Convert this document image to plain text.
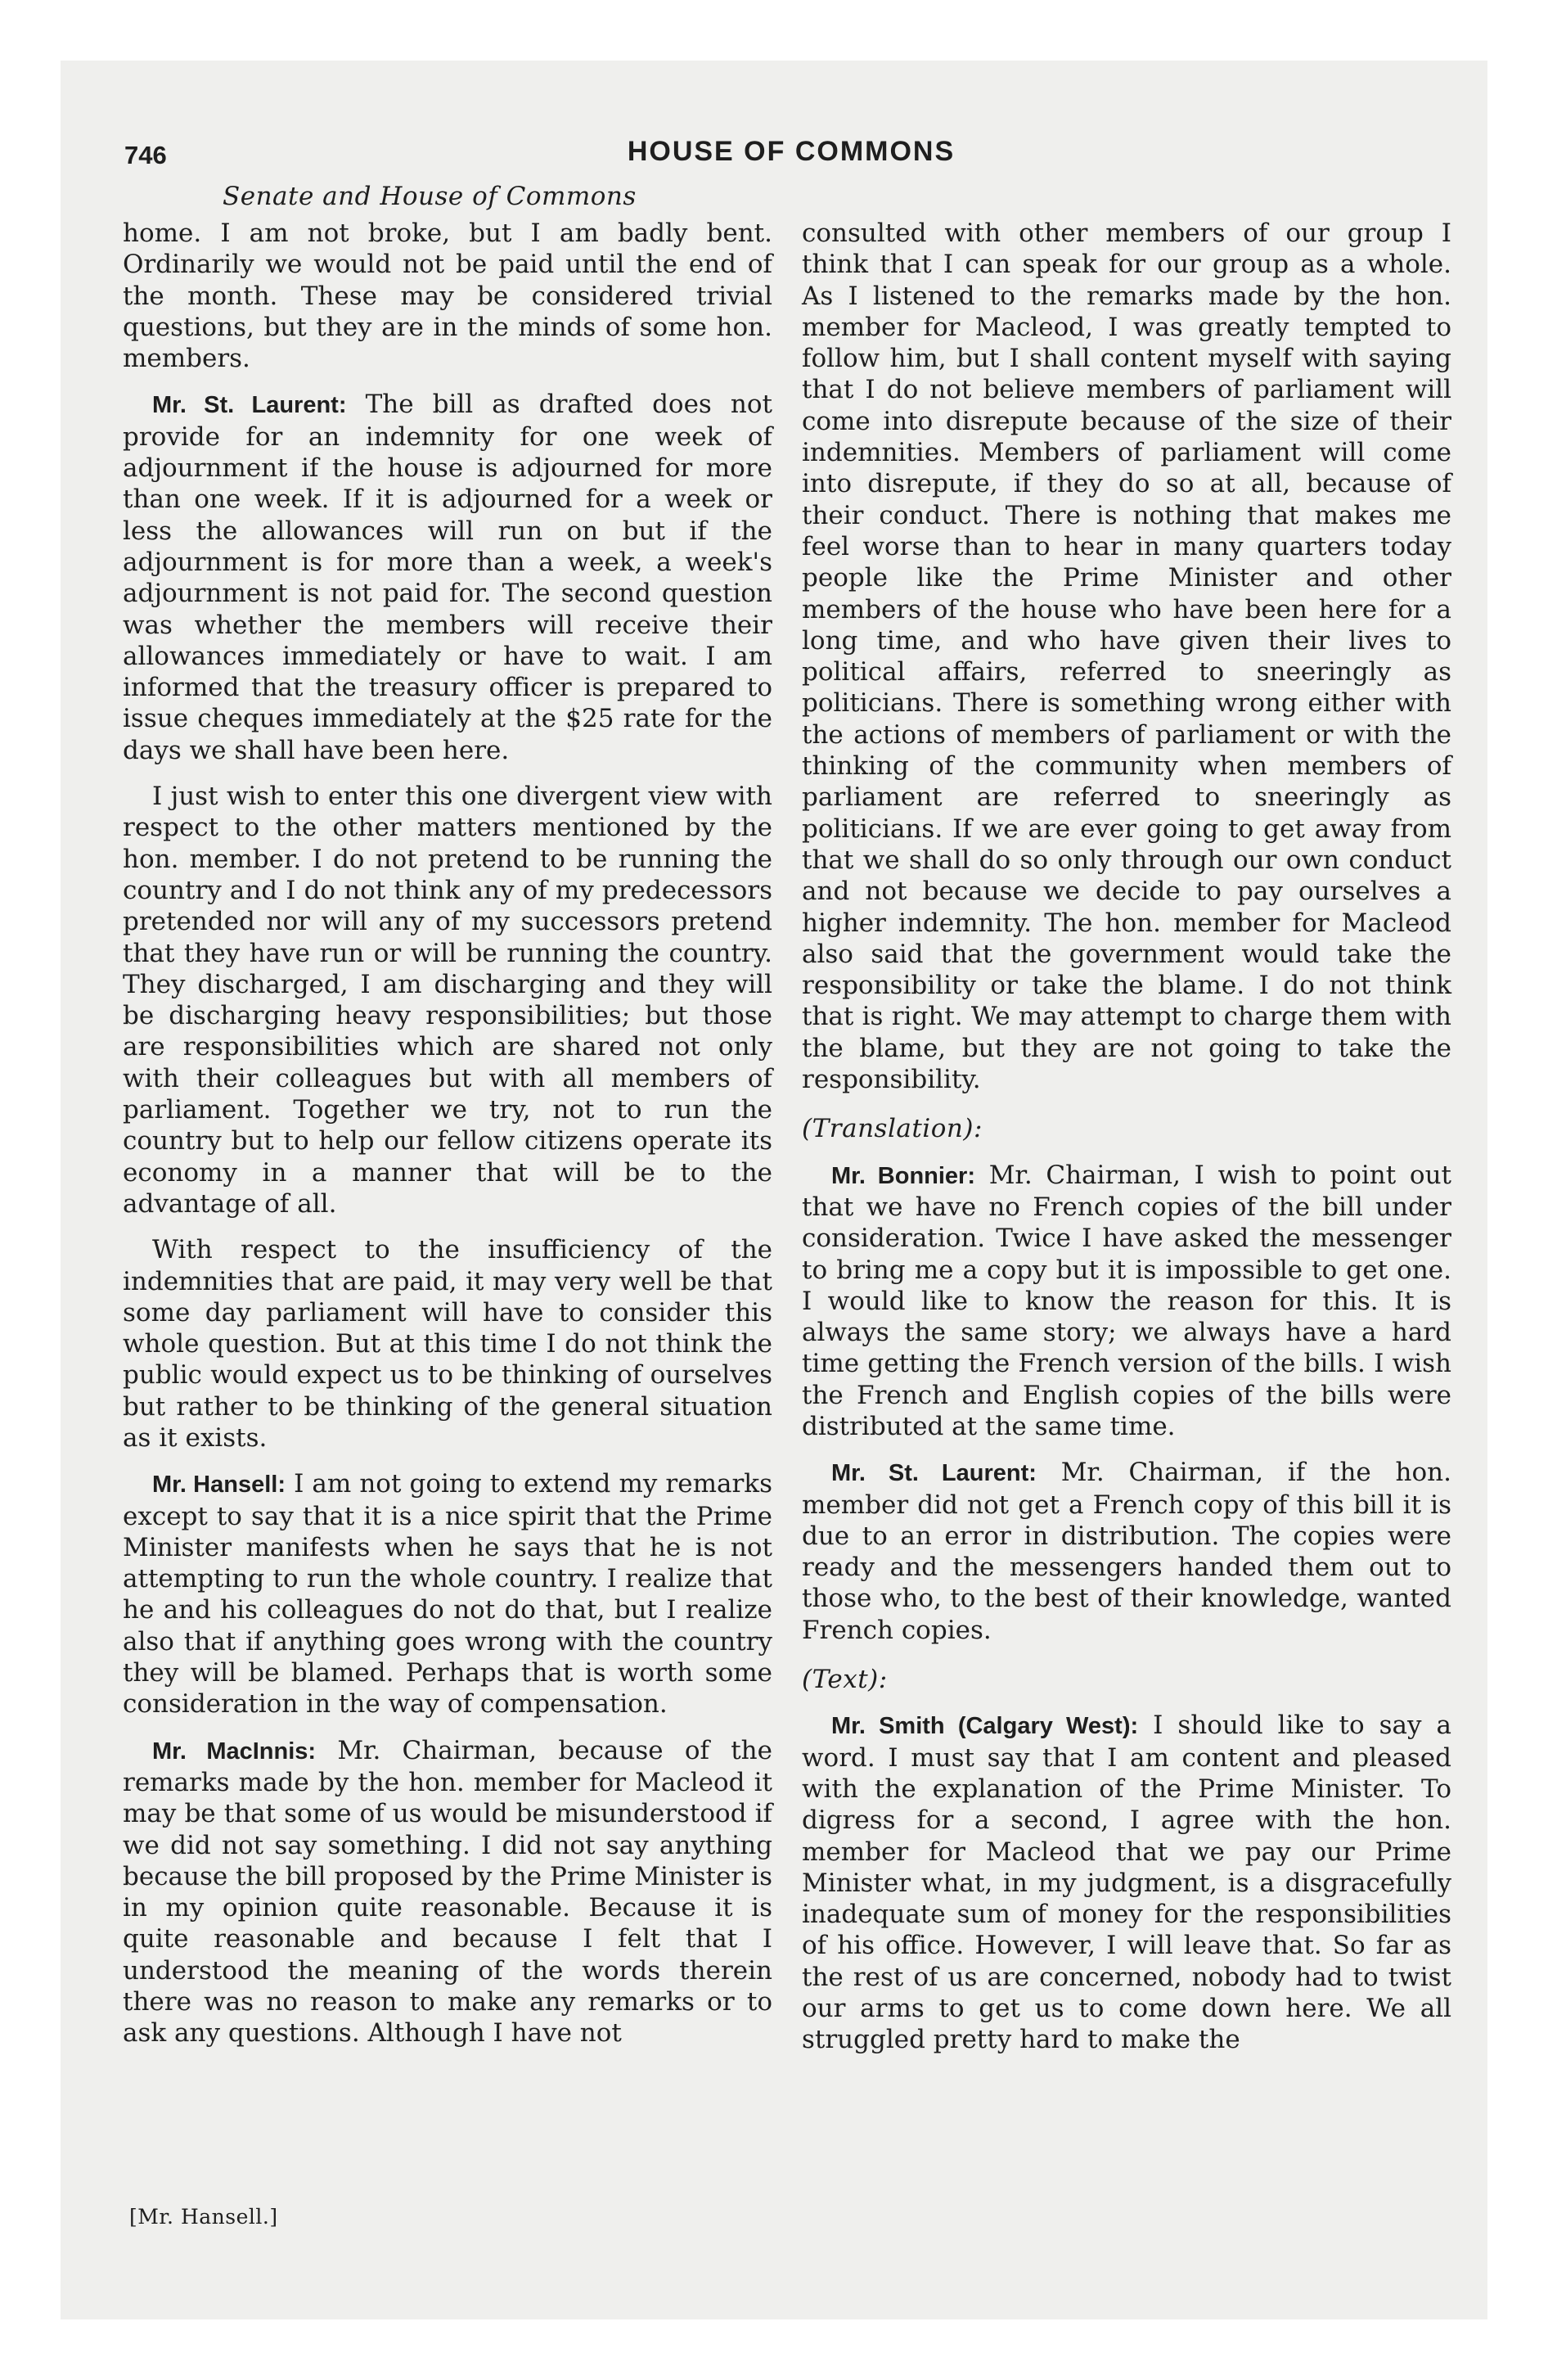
746	HOUSE OF COMMONS
Senate and House of Commons

home. I am not broke, but I am badly bent. Ordinarily we would not be paid until the end of the month. These may be considered trivial questions, but they are in the minds of some hon. members.

Mr. St. Laurent: The bill as drafted does not provide for an indemnity for one week of adjournment if the house is adjourned for more than one week. If it is adjourned for a week or less the allowances will run on but if the adjournment is for more than a week, a week's adjournment is not paid for. The second question was whether the members will receive their allowances immediately or have to wait. I am informed that the treasury officer is prepared to issue cheques immediately at the $25 rate for the days we shall have been here.

I just wish to enter this one divergent view with respect to the other matters mentioned by the hon. member. I do not pretend to be running the country and I do not think any of my predecessors pretended nor will any of my successors pretend that they have run or will be running the country. They discharged, I am discharging and they will be discharging heavy responsibilities; but those are responsibilities which are shared not only with their colleagues but with all members of parliament. Together we try, not to run the country but to help our fellow citizens operate its economy in a manner that will be to the advantage of all.

With respect to the insufficiency of the indemnities that are paid, it may very well be that some day parliament will have to consider this whole question. But at this time I do not think the public would expect us to be thinking of ourselves but rather to be thinking of the general situation as it exists.

Mr. Hansell: I am not going to extend my remarks except to say that it is a nice spirit that the Prime Minister manifests when he says that he is not attempting to run the whole country. I realize that he and his colleagues do not do that, but I realize also that if anything goes wrong with the country they will be blamed. Perhaps that is worth some consideration in the way of compensation.

Mr. MacInnis: Mr. Chairman, because of the remarks made by the hon. member for Macleod it may be that some of us would be misunderstood if we did not say something. I did not say anything because the bill proposed by the Prime Minister is in my opinion quite reasonable. Because it is quite reasonable and because I felt that I understood the meaning of the words therein there was no reason to make any remarks or to ask any questions. Although I have not

consulted with other members of our group I think that I can speak for our group as a whole. As I listened to the remarks made by the hon. member for Macleod, I was greatly tempted to follow him, but I shall content myself with saying that I do not believe members of parliament will come into disrepute because of the size of their indemnities. Members of parliament will come into disrepute, if they do so at all, because of their conduct. There is nothing that makes me feel worse than to hear in many quarters today people like the Prime Minister and other members of the house who have been here for a long time, and who have given their lives to political affairs, referred to sneeringly as politicians. There is something wrong either with the actions of members of parliament or with the thinking of the community when members of parliament are referred to sneeringly as politicians. If we are ever going to get away from that we shall do so only through our own conduct and not because we decide to pay ourselves a higher indemnity. The hon. member for Macleod also said that the government would take the responsibility or take the blame. I do not think that is right. We may attempt to charge them with the blame, but they are not going to take the responsibility.

(Translation):

Mr. Bonnier: Mr. Chairman, I wish to point out that we have no French copies of the bill under consideration. Twice I have asked the messenger to bring me a copy but it is impossible to get one. I would like to know the reason for this. It is always the same story; we always have a hard time getting the French version of the bills. I wish the French and English copies of the bills were distributed at the same time.

Mr. St. Laurent: Mr. Chairman, if the hon. member did not get a French copy of this bill it is due to an error in distribution. The copies were ready and the messengers handed them out to those who, to the best of their knowledge, wanted French copies.

(Text):

Mr. Smith (Calgary West): I should like to say a word. I must say that I am content and pleased with the explanation of the Prime Minister. To digress for a second, I agree with the hon. member for Macleod that we pay our Prime Minister what, in my judgment, is a disgracefully inadequate sum of money for the responsibilities of his office. However, I will leave that. So far as the rest of us are concerned, nobody had to twist our arms to get us to come down here. We all struggled pretty hard to make the

[Mr. Hansell.]
